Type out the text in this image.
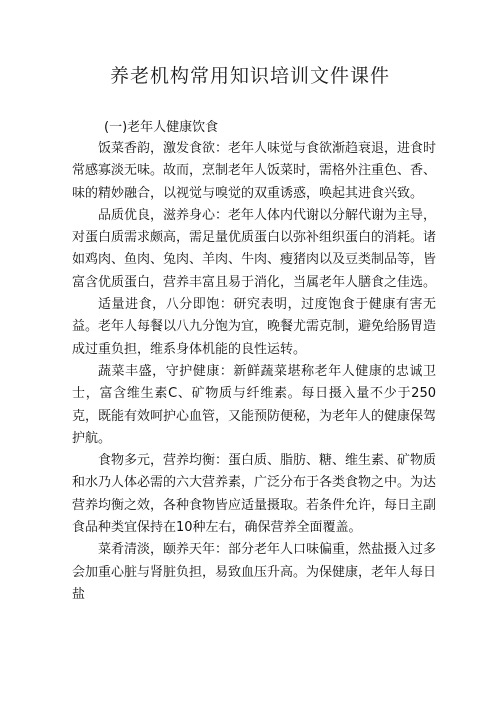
养老机构常用知识培训文件课件
(一)老年人健康饮食

饭菜香韵，激发食欲：老年人味觉与食欲渐趋衰退，进食时常感寡淡无味。故而，烹制老年人饭菜时，需格外注重色、香、味的精妙融合，以视觉与嗅觉的双重诱惑，唤起其进食兴致。

品质优良，滋养身心：老年人体内代谢以分解代谢为主导，对蛋白质需求颇高，需足量优质蛋白以弥补组织蛋白的消耗。诸如鸡肉、鱼肉、兔肉、羊肉、牛肉、瘦猪肉以及豆类制品等，皆富含优质蛋白，营养丰富且易于消化，当属老年人膳食之佳选。

适量进食，八分即饱：研究表明，过度饱食于健康有害无益。老年人每餐以八九分饱为宜，晚餐尤需克制，避免给肠胃造成过重负担，维系身体机能的良性运转。

蔬菜丰盛，守护健康：新鲜蔬菜堪称老年人健康的忠诚卫士，富含维生素C、矿物质与纤维素。每日摄入量不少于250克，既能有效呵护心血管，又能预防便秘，为老年人的健康保驾护航。

食物多元，营养均衡：蛋白质、脂肪、糖、维生素、矿物质和水乃人体必需的六大营养素，广泛分布于各类食物之中。为达营养均衡之效，各种食物皆应适量摄取。若条件允许，每日主副食品种类宜保持在10种左右，确保营养全面覆盖。

菜肴清淡，颐养天年：部分老年人口味偏重，然盐摄入过多会加重心脏与肾脏负担，易致血压升高。为保健康，老年人每日盐
